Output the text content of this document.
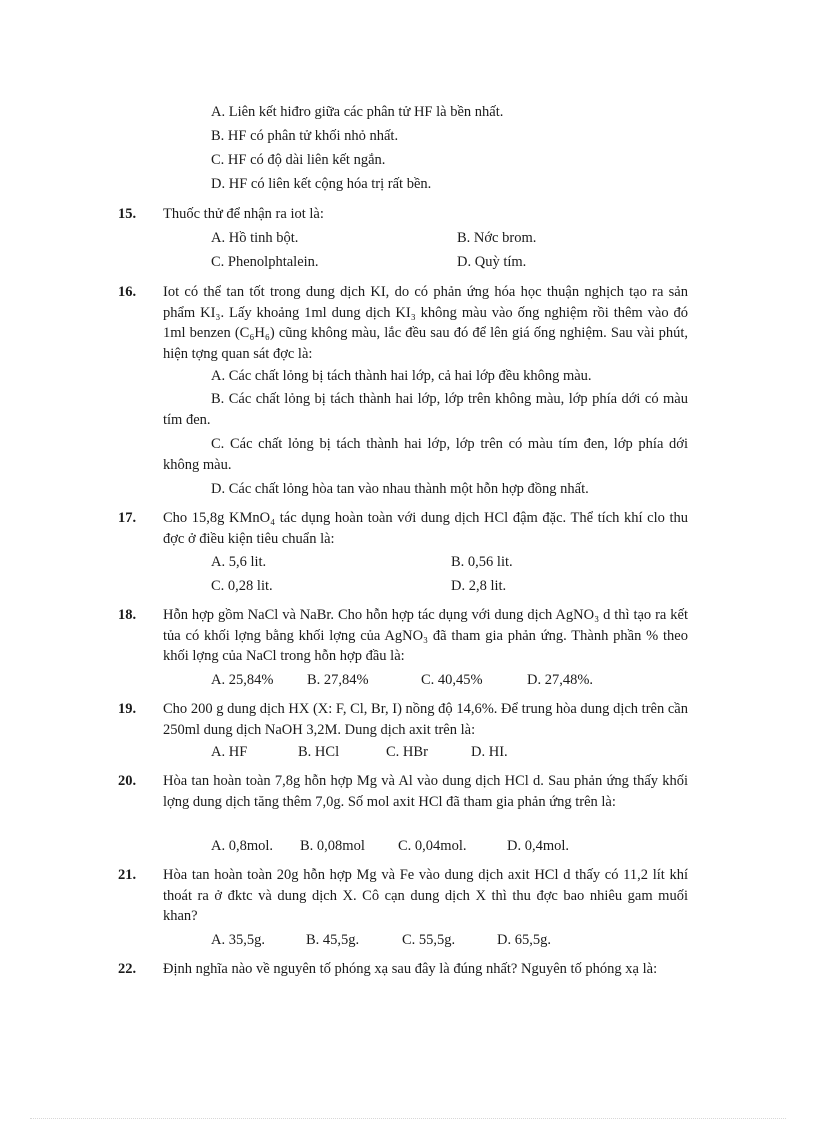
A. Liên kết hiđro giữa các phân tử HF là bền nhất.
B. HF có phân tử khối nhỏ nhất.
C. HF có độ dài liên kết ngắn.
D. HF có liên kết cộng hóa trị rất bền.
15. Thuốc thử để nhận ra iot là:
A. Hồ tinh bột.	B. Nớc brom.
C. Phenolphtalein.	D. Quỳ tím.
16. Iot có thể tan tốt trong dung dịch KI, do có phản ứng hóa học thuận nghịch tạo ra sản phẩm KI₃. Lấy khoảng 1ml dung dịch KI₃ không màu vào ống nghiệm rồi thêm vào đó 1ml benzen (C₆H₆) cũng không màu, lắc đều sau đó để lên giá ống nghiệm. Sau vài phút, hiện tợng quan sát đợc là:
A. Các chất lỏng bị tách thành hai lớp, cả hai lớp đều không màu.
B. Các chất lỏng bị tách thành hai lớp, lớp trên không màu, lớp phía dới có màu tím đen.
C. Các chất lỏng bị tách thành hai lớp, lớp trên có màu tím đen, lớp phía dới không màu.
D. Các chất lỏng hòa tan vào nhau thành một hỗn hợp đồng nhất.
17. Cho 15,8g KMnO₄ tác dụng hoàn toàn với dung dịch HCl đậm đặc. Thể tích khí clo thu đợc ở điều kiện tiêu chuẩn là:
A. 5,6 lit.	B. 0,56 lit.
C. 0,28 lit.	D. 2,8 lit.
18. Hỗn hợp gồm NaCl và NaBr. Cho hỗn hợp tác dụng với dung dịch AgNO₃ d thì tạo ra kết tủa có khối lợng bằng khối lợng của AgNO₃ đã tham gia phản ứng. Thành phần % theo khối lợng của NaCl trong hỗn hợp đầu là:
A. 25,84% B. 27,84%	C. 40,45%	D. 27,48%.
19. Cho 200 g dung dịch HX (X: F, Cl, Br, I) nồng độ 14,6%. Để trung hòa dung dịch trên cần 250ml dung dịch NaOH 3,2M. Dung dịch axit trên là:
A. HF	B. HCl	C. HBr	D. HI.
20. Hòa tan hoàn toàn 7,8g hỗn hợp Mg và Al vào dung dịch HCl d. Sau phản ứng thấy khối lợng dung dịch tăng thêm 7,0g. Số mol axit HCl đã tham gia phản ứng trên là:
A. 0,8mol. B. 0,08mol C. 0,04mol.	D. 0,4mol.
21. Hòa tan hoàn toàn 20g hỗn hợp Mg và Fe vào dung dịch axit HCl d thấy có 11,2 lít khí thoát ra ở đktc và dung dịch X. Cô cạn dung dịch X thì thu đợc bao nhiêu gam muối khan?
A. 35,5g.	B. 45,5g.	C. 55,5g.	D. 65,5g.
22. Định nghĩa nào về nguyên tố phóng xạ sau đây là đúng nhất? Nguyên tố phóng xạ là:
